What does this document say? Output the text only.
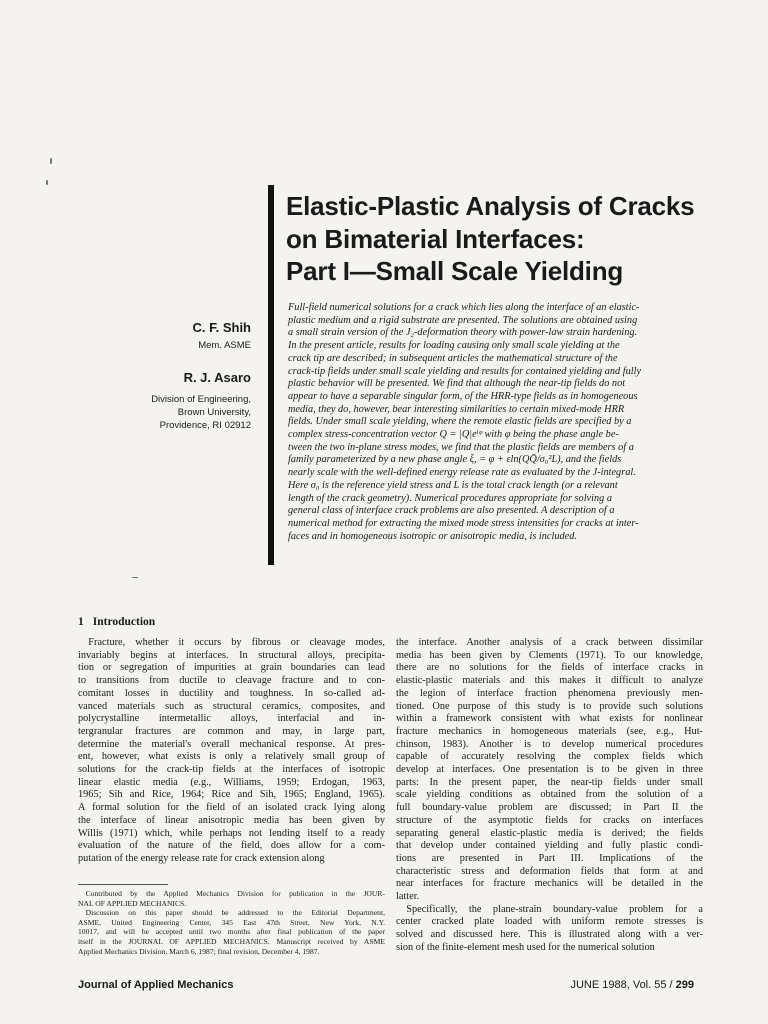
Elastic-Plastic Analysis of Cracks
on Bimaterial Interfaces:
Part I—Small Scale Yielding
C. F. Shih
Mem. ASME
R. J. Asaro
Division of Engineering,
Brown University,
Providence, RI 02912
Full-field numerical solutions for a crack which lies along the interface of an elastic-
plastic medium and a rigid substrate are presented. The solutions are obtained using
a small strain version of the J₂-deformation theory with power-law strain hardening.
In the present article, results for loading causing only small scale yielding at the
crack tip are described; in subsequent articles the mathematical structure of the
crack-tip fields under small scale yielding and results for contained yielding and fully
plastic behavior will be presented. We find that although the near-tip fields do not
appear to have a separable singular form, of the HRR-type fields as in homogeneous
media, they do, however, bear interesting similarities to certain mixed-mode HRR
fields. Under small scale yielding, where the remote elastic fields are specified by a
complex stress-concentration vector Q = |Q|eⁱᵠ with φ being the phase angle be-
tween the two in-plane stress modes, we find that the plastic fields are members of a
family parameterized by a new phase angle ξ, = φ + εln(QQ̄/σ₀²L), and the fields
nearly scale with the well-defined energy release rate as evaluated by the J-integral.
Here σ₀ is the reference yield stress and L is the total crack length (or a relevant
length of the crack geometry). Numerical procedures appropriate for solving a
general class of interface crack problems are also presented. A description of a
numerical method for extracting the mixed mode stress intensities for cracks at inter-
faces and in homogeneous isotropic or anisotropic media, is included.
1 Introduction
 Fracture, whether it occurs by fibrous or cleavage modes,
invariably begins at interfaces. In structural alloys, precipita-
tion or segregation of impurities at grain boundaries can lead
to transitions from ductile to cleavage fracture and to con-
comitant losses in ductility and toughness. In so-called ad-
vanced materials such as structural ceramics, composites, and
polycrystalline intermetallic alloys, interfacial and in-
tergranular fractures are common and may, in large part,
determine the material's overall mechanical response. At pres-
ent, however, what exists is only a relatively small group of
solutions for the crack-tip fields at the interfaces of isotropic
linear elastic media (e.g., Williams, 1959; Erdogan, 1963,
1965; Sih and Rice, 1964; Rice and Sih, 1965; England, 1965).
A formal solution for the field of an isolated crack lying along
the interface of linear anisotropic media has been given by
Willis (1971) which, while perhaps not lending itself to a ready
evaluation of the nature of the field, does allow for a com-
putation of the energy release rate for crack extension along
the interface. Another analysis of a crack between dissimilar
media has been given by Clements (1971). To our knowledge,
there are no solutions for the fields of interface cracks in
elastic-plastic materials and this makes it difficult to analyze
the legion of interface fraction phenomena previously men-
tioned. One purpose of this study is to provide such solutions
within a framework consistent with what exists for nonlinear
fracture mechanics in homogeneous materials (see, e.g., Hut-
chinson, 1983). Another is to develop numerical procedures
capable of accurately resolving the complex fields which
develop at interfaces. One presentation is to be given in three
parts: In the present paper, the near-tip fields under small
scale yielding conditions as obtained from the solution of a
full boundary-value problem are discussed; in Part II the
structure of the asymptotic fields for cracks on interfaces
separating general elastic-plastic media is derived; the fields
that develop under contained yielding and fully plastic condi-
tions are presented in Part III. Implications of the
characteristic stress and deformation fields that form at and
near interfaces for fracture mechanics will be detailed in the
latter.
 Specifically, the plane-strain boundary-value problem for a
center cracked plate loaded with uniform remote stresses is
solved and discussed here. This is illustrated along with a ver-
sion of the finite-element mesh used for the numerical solution
 Contributed by the Applied Mechanics Division for publication in the JOUR-
NAL OF APPLIED MECHANICS.
 Discussion on this paper should be addressed to the Editorial Department,
ASME, United Engineering Center, 345 East 47th Street, New York, N.Y.
10017, and will be accepted until two months after final publication of the paper
itself in the JOURNAL OF APPLIED MECHANICS. Manuscript received by ASME
Applied Mechanics Division, March 6, 1987; final revision, December 4, 1987.
Journal of Applied Mechanics	JUNE 1988, Vol. 55 / 299
